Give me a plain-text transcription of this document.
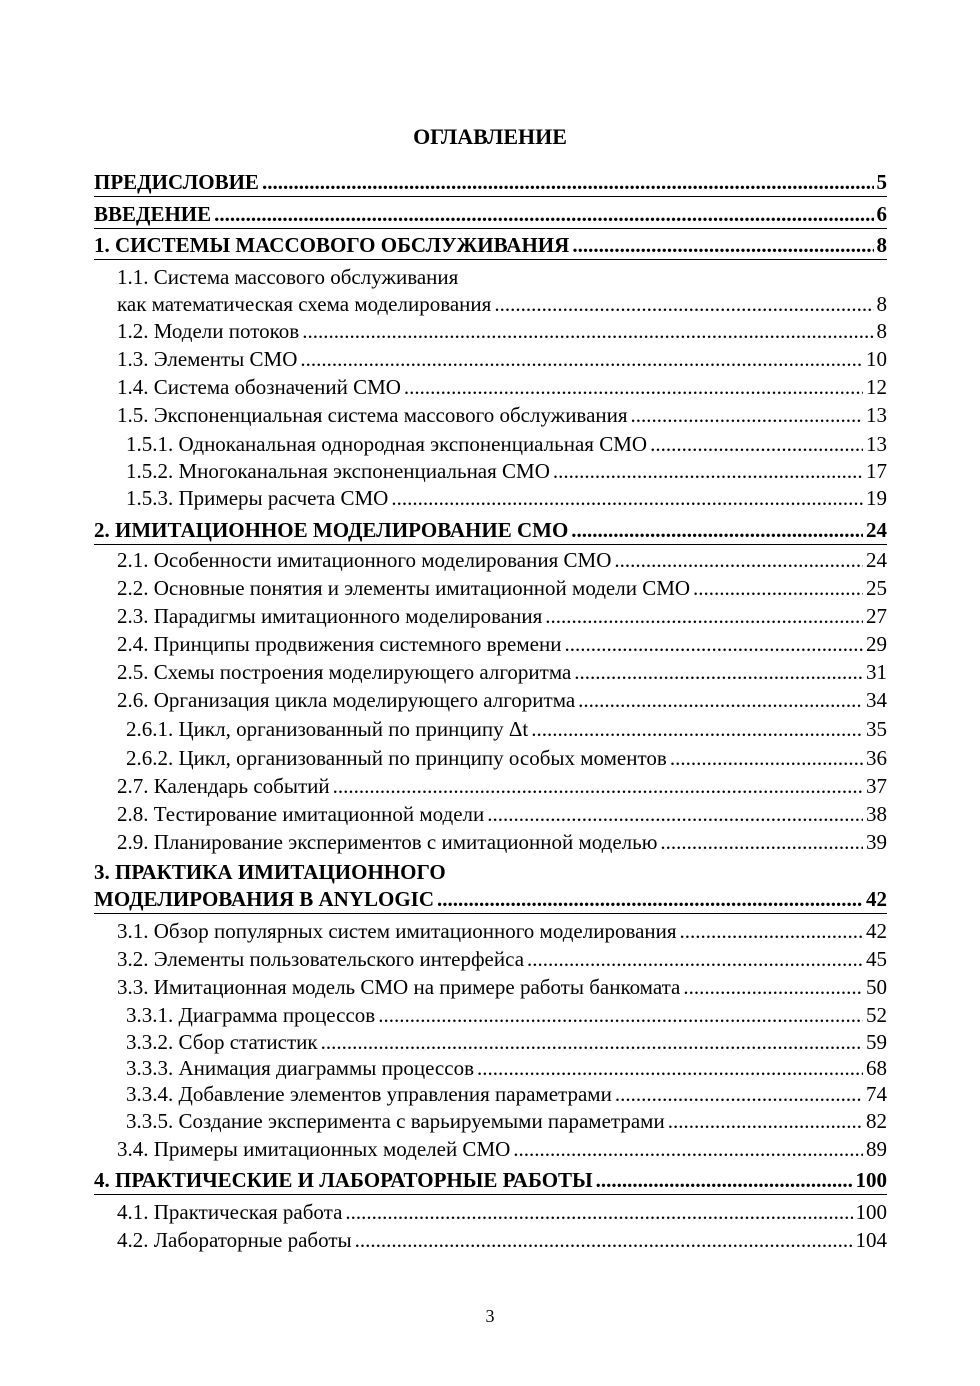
ОГЛАВЛЕНИЕ
ПРЕДИСЛОВИЕ .....	5
ВВЕДЕНИЕ .....	6
1. СИСТЕМЫ МАССОВОГО ОБСЛУЖИВАНИЯ .....	8
1.1. Система массового обслуживания
как математическая схема моделирования .....	8
1.2. Модели потоков .....	8
1.3. Элементы СМО .....	10
1.4. Система обозначений СМО .....	12
1.5. Экспоненциальная система массового обслуживания .....	13
1.5.1. Одноканальная однородная экспоненциальная СМО .....	13
1.5.2. Многоканальная экспоненциальная СМО .....	17
1.5.3. Примеры расчета СМО .....	19
2. ИМИТАЦИОННОЕ МОДЕЛИРОВАНИЕ СМО .....	24
2.1. Особенности имитационного моделирования СМО .....	24
2.2. Основные понятия и элементы имитационной модели СМО .....	25
2.3. Парадигмы имитационного моделирования .....	27
2.4. Принципы продвижения системного времени .....	29
2.5. Схемы построения моделирующего алгоритма .....	31
2.6. Организация цикла моделирующего алгоритма .....	34
2.6.1. Цикл, организованный по принципу Δt .....	35
2.6.2. Цикл, организованный по принципу особых моментов .....	36
2.7. Календарь событий .....	37
2.8. Тестирование имитационной модели .....	38
2.9. Планирование экспериментов с имитационной моделью .....	39
3. ПРАКТИКА ИМИТАЦИОННОГО
МОДЕЛИРОВАНИЯ В ANYLOGIC .....	42
3.1. Обзор популярных систем имитационного моделирования .....	42
3.2. Элементы пользовательского интерфейса .....	45
3.3. Имитационная модель СМО на примере работы банкомата .....	50
3.3.1. Диаграмма процессов .....	52
3.3.2. Сбор статистик .....	59
3.3.3. Анимация диаграммы процессов .....	68
3.3.4. Добавление элементов управления параметрами .....	74
3.3.5. Создание эксперимента с варьируемыми параметрами .....	82
3.4. Примеры имитационных моделей СМО .....	89
4. ПРАКТИЧЕСКИЕ И ЛАБОРАТОРНЫЕ РАБОТЫ .....	100
4.1. Практическая работа .....	100
4.2. Лабораторные работы .....	104
3
